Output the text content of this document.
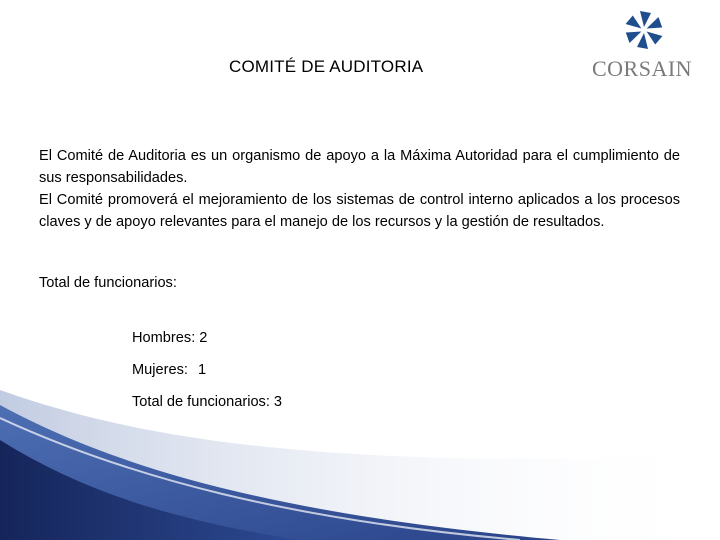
COMITÉ DE AUDITORIA	CORSAIN

El Comité de Auditoria es un organismo de apoyo a la Máxima Autoridad para el cumplimiento de sus responsabilidades.

El Comité promoverá el mejoramiento de los sistemas de control interno aplicados a los procesos claves y de apoyo relevantes para el manejo de los recursos y la gestión de resultados.

Total de funcionarios:
Hombres: 2
Mujeres: 1
Total de funcionarios: 3
